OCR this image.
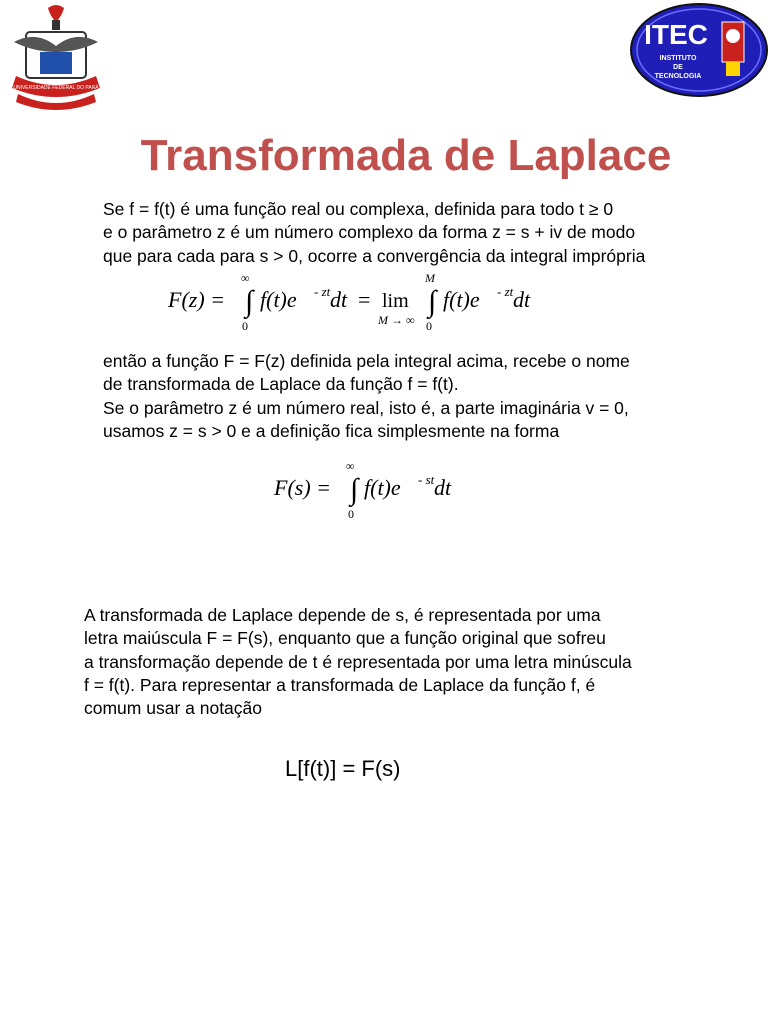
UNIVERSIDADE FEDERAL DO PARÁ
ITEC
INSTITUTO
DE
TECNOLOGIA
Transformada de Laplace

Se f = f(t) é uma função real ou complexa, definida para todo t ≥ 0
e o parâmetro z é um número complexo da forma z = s + iv de modo
que para cada para s > 0, ocorre a convergência da integral imprópria

F(z) =
∞
0
∫ f(t)e - zt dt = lim
M → ∞
M
0
∫ f(t)e - zt dt

então a função F = F(z) definida pela integral acima, recebe o nome
de transformada de Laplace da função f = f(t).
Se o parâmetro z é um número real, isto é, a parte imaginária v = 0,
usamos z = s > 0 e a definição fica simplesmente na forma

F(s) =
∞
0
∫ f(t)e - st dt

A transformada de Laplace depende de s, é representada por uma
letra maiúscula F = F(s), enquanto que a função original que sofreu
a transformação depende de t é representada por uma letra minúscula
f = f(t). Para representar a transformada de Laplace da função f, é
comum usar a notação

L[f(t)] = F(s)
